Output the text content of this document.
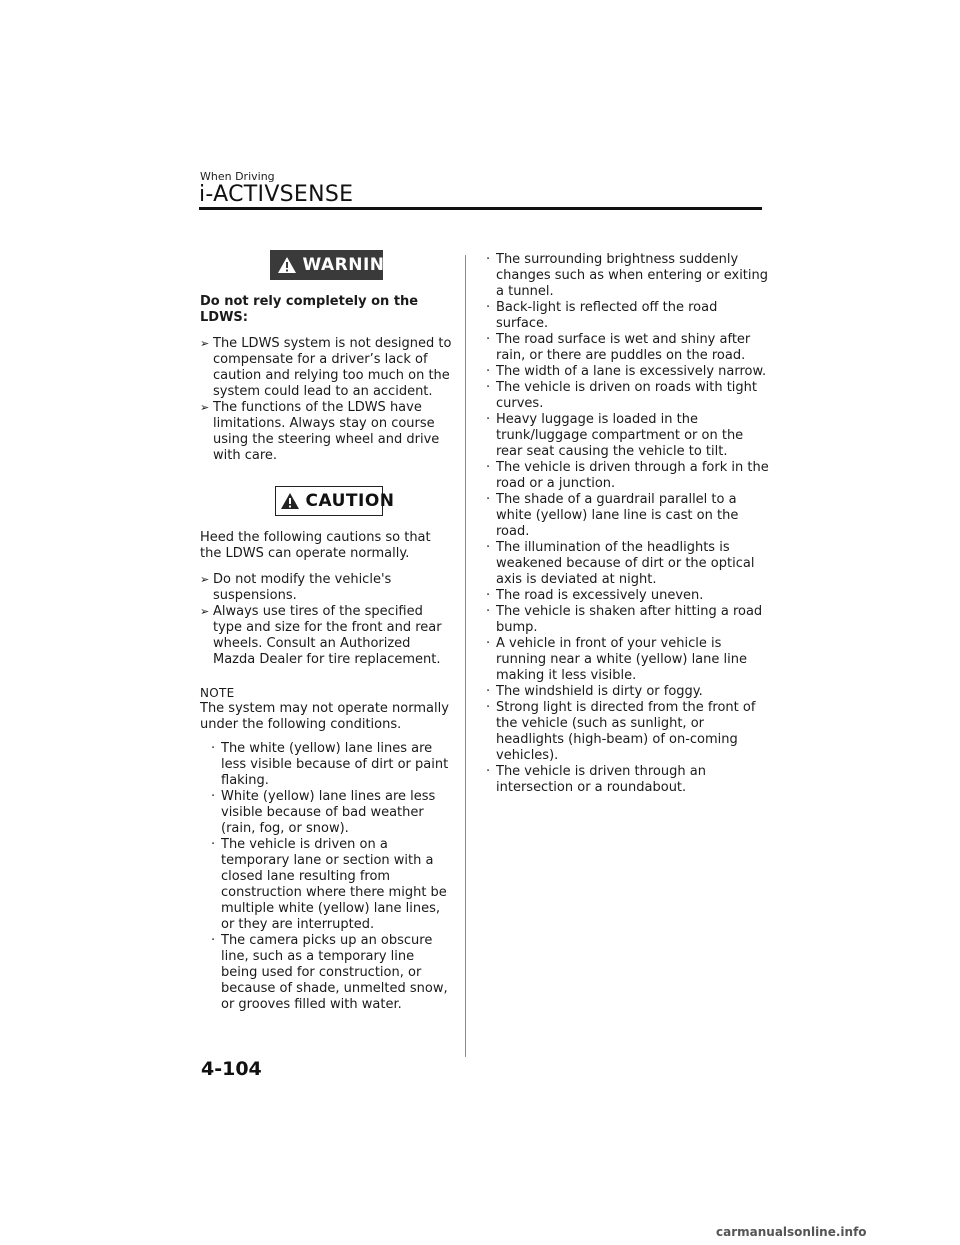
When Driving
i-ACTIVSENSE
WARNING
Do not rely completely on the LDWS:
➢ The LDWS system is not designed to compensate for a driver’s lack of caution and relying too much on the system could lead to an accident.
➢ The functions of the LDWS have limitations. Always stay on course using the steering wheel and drive with care.
CAUTION
Heed the following cautions so that the LDWS can operate normally.
➢ Do not modify the vehicle's suspensions.
➢ Always use tires of the specified type and size for the front and rear wheels. Consult an Authorized Mazda Dealer for tire replacement.
NOTE
The system may not operate normally under the following conditions.
· The white (yellow) lane lines are less visible because of dirt or paint flaking.
· White (yellow) lane lines are less visible because of bad weather (rain, fog, or snow).
· The vehicle is driven on a temporary lane or section with a closed lane resulting from construction where there might be multiple white (yellow) lane lines, or they are interrupted.
· The camera picks up an obscure line, such as a temporary line being used for construction, or because of shade, unmelted snow, or grooves filled with water.
· The surrounding brightness suddenly changes such as when entering or exiting a tunnel.
· Back-light is reflected off the road surface.
· The road surface is wet and shiny after rain, or there are puddles on the road.
· The width of a lane is excessively narrow.
· The vehicle is driven on roads with tight curves.
· Heavy luggage is loaded in the trunk/luggage compartment or on the rear seat causing the vehicle to tilt.
· The vehicle is driven through a fork in the road or a junction.
· The shade of a guardrail parallel to a white (yellow) lane line is cast on the road.
· The illumination of the headlights is weakened because of dirt or the optical axis is deviated at night.
· The road is excessively uneven.
· The vehicle is shaken after hitting a road bump.
· A vehicle in front of your vehicle is running near a white (yellow) lane line making it less visible.
· The windshield is dirty or foggy.
· Strong light is directed from the front of the vehicle (such as sunlight, or headlights (high-beam) of on-coming vehicles).
· The vehicle is driven through an intersection or a roundabout.
4-104
carmanualsonline.info
